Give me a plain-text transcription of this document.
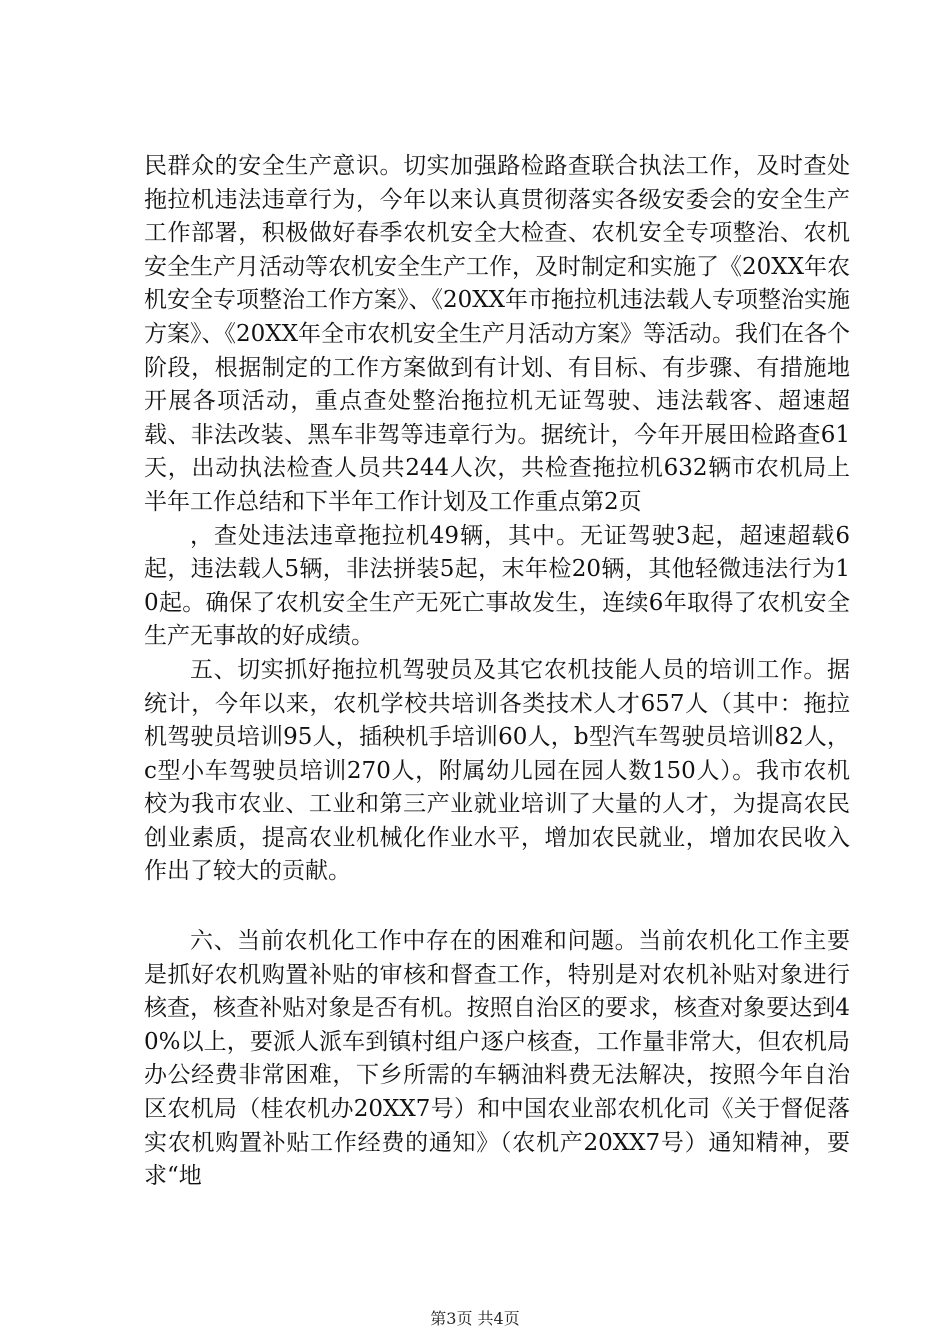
民群众的安全生产意识。切实加强路检路查联合执法工作，及时查处拖拉机违法违章行为，今年以来认真贯彻落实各级安委会的安全生产工作部署，积极做好春季农机安全大检查、农机安全专项整治、农机安全生产月活动等农机安全生产工作，及时制定和实施了《20XX年农机安全专项整治工作方案》、《20XX年市拖拉机违法载人专项整治实施方案》、《20XX年全市农机安全生产月活动方案》等活动。我们在各个阶段，根据制定的工作方案做到有计划、有目标、有步骤、有措施地开展各项活动，重点查处整治拖拉机无证驾驶、违法载客、超速超载、非法改装、黑车非驾等违章行为。据统计，今年开展田检路查61天，出动执法检查人员共244人次，共检查拖拉机632辆市农机局上半年工作总结和下半年工作计划及工作重点第2页

，查处违法违章拖拉机49辆，其中。无证驾驶3起，超速超载6起，违法载人5辆，非法拼装5起，末年检20辆，其他轻微违法行为10起。确保了农机安全生产无死亡事故发生，连续6年取得了农机安全生产无事故的好成绩。

五、切实抓好拖拉机驾驶员及其它农机技能人员的培训工作。据统计，今年以来，农机学校共培训各类技术人才657人（其中：拖拉机驾驶员培训95人，插秧机手培训60人，b型汽车驾驶员培训82人，c型小车驾驶员培训270人，附属幼儿园在园人数150人）。我市农机校为我市农业、工业和第三产业就业培训了大量的人才，为提高农民创业素质，提高农业机械化作业水平，增加农民就业，增加农民收入作出了较大的贡献。

六、当前农机化工作中存在的困难和问题。当前农机化工作主要是抓好农机购置补贴的审核和督查工作，特别是对农机补贴对象进行核查，核查补贴对象是否有机。按照自治区的要求，核查对象要达到40%以上，要派人派车到镇村组户逐户核查，工作量非常大，但农机局办公经费非常困难，下乡所需的车辆油料费无法解决，按照今年自治区农机局（桂农机办20XX7号）和中国农业部农机化司《关于督促落实农机购置补贴工作经费的通知》（农机产20XX7号）通知精神，要求“地

第3页 共4页
